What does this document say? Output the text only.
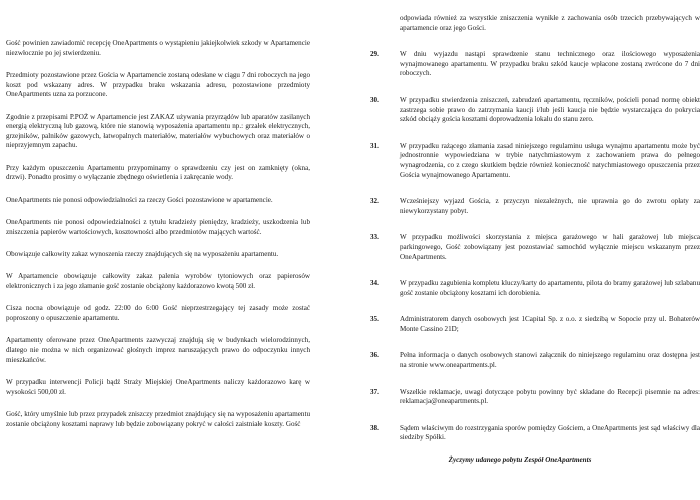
Gość powinien zawiadomić recepcję OneApartments o wystąpieniu jakiejkolwiek szkody w Apartamencie niezwłocznie po jej stwierdzeniu.

Przedmioty pozostawione przez Gościa w Apartamencie zostaną odesłane w ciągu 7 dni roboczych na jego koszt pod wskazany adres. W przypadku braku wskazania adresu, pozostawione przedmioty OneApartments uzna za porzucone.

Zgodnie z przepisami P.POŻ w Apartamencie jest ZAKAZ używania przyrządów lub aparatów zasilanych energią elektryczną lub gazową, które nie stanowią wyposażenia apartamentu np.: grzałek elektrycznych, grzejników, palników gazowych, łatwopalnych materiałów, materiałów wybuchowych oraz materiałów o nieprzyjemnym zapachu.

Przy każdym opuszczeniu Apartamentu przypominamy o sprawdzeniu czy jest on zamknięty (okna, drzwi). Ponadto prosimy o wyłączanie zbędnego oświetlenia i zakręcanie wody.

OneApartments nie ponosi odpowiedzialności za rzeczy Gości pozostawione w apartamencie.

OneApartments nie ponosi odpowiedzialności z tytułu kradzieży pieniędzy, kradzieży, uszkodzenia lub zniszczenia papierów wartościowych, kosztowności albo przedmiotów mających wartość.

Obowiązuje całkowity zakaz wynoszenia rzeczy znajdujących się na wyposażeniu apartamentu.

W Apartamencie obowiązuje całkowity zakaz palenia wyrobów tytoniowych oraz papierosów elektronicznych i za jego złamanie gość zostanie obciążony każdorazowo kwotą 500 zł.

Cisza nocna obowiązuje od godz. 22:00 do 6:00 Gość nieprzestrzegający tej zasady może zostać poproszony o opuszczenie apartamentu.

Apartamenty oferowane przez OneApartments zazwyczaj znajdują się w budynkach wielorodzinnych, dlatego nie można w nich organizować głośnych imprez naruszających prawo do odpoczynku innych mieszkańców.

W przypadku interwencji Policji bądź Straży Miejskiej OneApartments naliczy każdorazowo karę w wysokości 500,00 zł.

Gość, który umyślnie lub przez przypadek zniszczy przedmiot znajdujący się na wyposażeniu apartamentu zostanie obciążony kosztami naprawy lub będzie zobowiązany pokryć w całości zaistniałe koszty. Gość

odpowiada również za wszystkie zniszczenia wynikłe z zachowania osób trzecich przebywających w apartamencie oraz jego Gości.

29.	W dniu wyjazdu nastąpi sprawdzenie stanu technicznego oraz ilościowego wyposażenia wynajmowanego apartamentu. W przypadku braku szkód kaucje wpłacone zostaną zwrócone do 7 dni roboczych.
30.	W przypadku stwierdzenia zniszczeń, zabrudzeń apartamentu, ręczników, pościeli ponad normę obiekt zastrzega sobie prawo do zatrzymania kaucji i/lub jeśli kaucja nie będzie wystarczająca do pokrycia szkód obciąży gościa kosztami doprowadzenia lokalu do stanu zero.
31.	W przypadku rażącego złamania zasad niniejszego regulaminu usługa wynajmu apartamentu może być jednostronnie wypowiedziana w trybie natychmiastowym z zachowaniem prawa do pełnego wynagrodzenia, co z czego skutkiem będzie również konieczność natychmiastowego opuszczenia przez Gościa wynajmowanego Apartamentu.
32.	Wcześniejszy wyjazd Gościa, z przyczyn niezależnych, nie uprawnia go do zwrotu opłaty za niewykorzystany pobyt.
33.	W przypadku możliwości skorzystania z miejsca garażowego w hali garażowej lub miejsca parkingowego, Gość zobowiązany jest pozostawiać samochód wyłącznie miejscu wskazanym przez OneApartments.
34.	W przypadku zagubienia kompletu kluczy/karty do apartamentu, pilota do bramy garażowej lub szlabanu gość zostanie obciążony kosztami ich dorobienia.
35.	Administratorem danych osobowych jest 1Capital Sp. z o.o. z siedzibą w Sopocie przy ul. Bohaterów Monte Cassino 21D;
36.	Pełna informacja o danych osobowych stanowi załącznik do niniejszego regulaminu oraz dostępna jest na stronie www.oneapartments.pl.
37.	Wszelkie reklamacje, uwagi dotyczące pobytu powinny być składane do Recepcji pisemnie na adres: reklamacja@oneapartments.pl.
38.	Sądem właściwym do rozstrzygania sporów pomiędzy Gościem, a OneApartments jest sąd właściwy dla siedziby Spółki.
Życzymy udanego pobytu Zespół OneApartments
